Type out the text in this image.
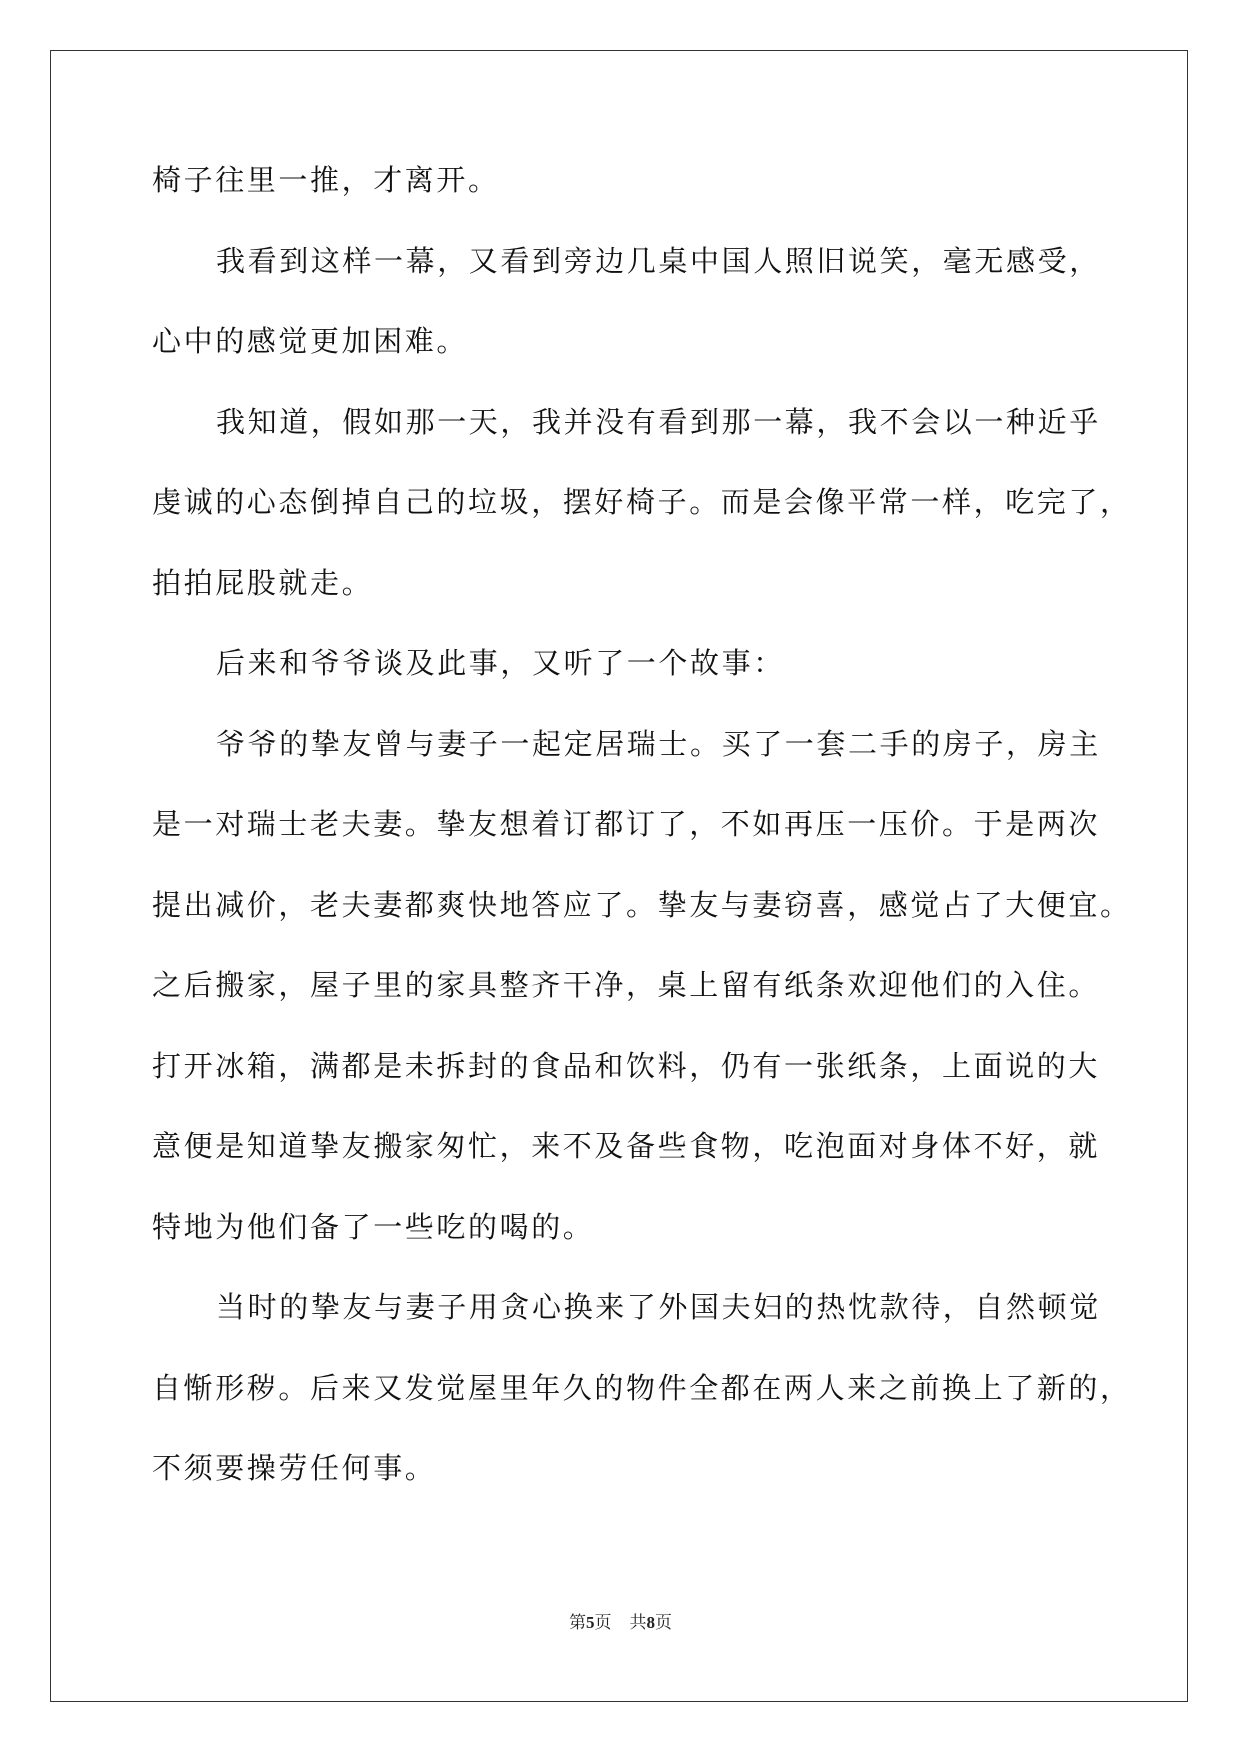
椅子往里一推，才离开。
我看到这样一幕，又看到旁边几桌中国人照旧说笑，毫无感受，
心中的感觉更加困难。
我知道，假如那一天，我并没有看到那一幕，我不会以一种近乎
虔诚的心态倒掉自己的垃圾，摆好椅子。而是会像平常一样，吃完了，
拍拍屁股就走。
后来和爷爷谈及此事，又听了一个故事：
爷爷的挚友曾与妻子一起定居瑞士。买了一套二手的房子，房主
是一对瑞士老夫妻。挚友想着订都订了，不如再压一压价。于是两次
提出减价，老夫妻都爽快地答应了。挚友与妻窃喜，感觉占了大便宜。
之后搬家，屋子里的家具整齐干净，桌上留有纸条欢迎他们的入住。
打开冰箱，满都是未拆封的食品和饮料，仍有一张纸条，上面说的大
意便是知道挚友搬家匆忙，来不及备些食物，吃泡面对身体不好，就
特地为他们备了一些吃的喝的。
当时的挚友与妻子用贪心换来了外国夫妇的热忱款待，自然顿觉
自惭形秽。后来又发觉屋里年久的物件全都在两人来之前换上了新的，
不须要操劳任何事。
第5页 共8页
